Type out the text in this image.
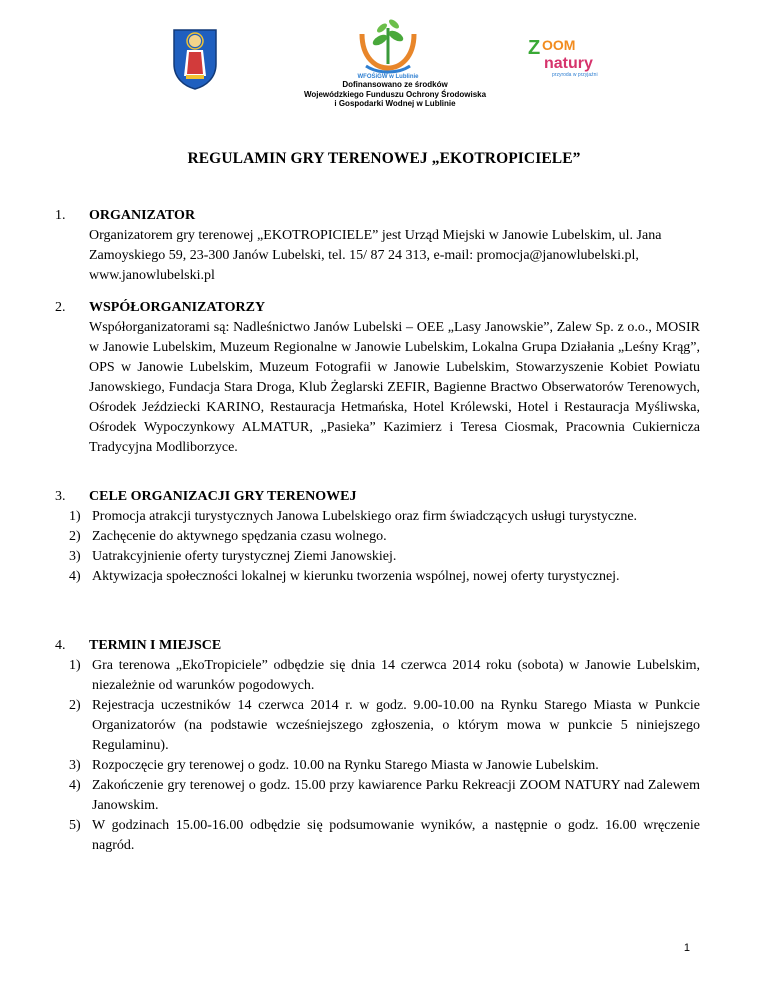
WFOŚiGW w Lublinie
Dofinansowano ze środków
Wojewódzkiego Funduszu Ochrony Środowiska
i Gospodarki Wodnej w Lublinie
Z OOM
natury
przyroda w przyjaźni
REGULAMIN GRY TERENOWEJ „EKOTROPICIELE”
1.	ORGANIZATOR
Organizatorem gry terenowej „EKOTROPICIELE” jest Urząd Miejski w Janowie Lubelskim, ul. Jana Zamoyskiego 59, 23-300 Janów Lubelski, tel. 15/ 87 24 313, e-mail: promocja@janowlubelski.pl, www.janowlubelski.pl
2.	WSPÓŁORGANIZATORZY
Współorganizatorami są: Nadleśnictwo Janów Lubelski – OEE „Lasy Janowskie”, Zalew Sp. z o.o., MOSIR w Janowie Lubelskim, Muzeum Regionalne w Janowie Lubelskim, Lokalna Grupa Działania „Leśny Krąg”, OPS w Janowie Lubelskim, Muzeum Fotografii w Janowie Lubelskim, Stowarzyszenie Kobiet Powiatu Janowskiego, Fundacja Stara Droga, Klub Żeglarski ZEFIR, Bagienne Bractwo Obserwatorów Terenowych, Ośrodek Jeździecki KARINO, Restauracja Hetmańska, Hotel Królewski, Hotel i Restauracja Myśliwska, Ośrodek Wypoczynkowy ALMATUR, „Pasieka” Kazimierz i Teresa Ciosmak, Pracownia Cukiernicza Tradycyjna Modliborzyce.
3.	CELE ORGANIZACJI GRY TERENOWEJ
1) Promocja atrakcji turystycznych Janowa Lubelskiego oraz firm świadczących usługi turystyczne.
2) Zachęcenie do aktywnego spędzania czasu wolnego.
3) Uatrakcyjnienie oferty turystycznej Ziemi Janowskiej.
4) Aktywizacja społeczności lokalnej w kierunku tworzenia wspólnej, nowej oferty turystycznej.
4.	TERMIN I MIEJSCE
1) Gra terenowa „EkoTropiciele” odbędzie się dnia 14 czerwca 2014 roku (sobota) w Janowie Lubelskim, niezależnie od warunków pogodowych.
2) Rejestracja uczestników 14 czerwca 2014 r. w godz. 9.00-10.00 na Rynku Starego Miasta w Punkcie Organizatorów (na podstawie wcześniejszego zgłoszenia, o którym mowa w punkcie 5 niniejszego Regulaminu).
3) Rozpoczęcie gry terenowej o godz. 10.00 na Rynku Starego Miasta w Janowie Lubelskim.
4) Zakończenie gry terenowej o godz. 15.00 przy kawiarence Parku Rekreacji ZOOM NATURY nad Zalewem Janowskim.
5) W godzinach 15.00-16.00 odbędzie się podsumowanie wyników, a następnie o godz. 16.00 wręczenie nagród.
1
